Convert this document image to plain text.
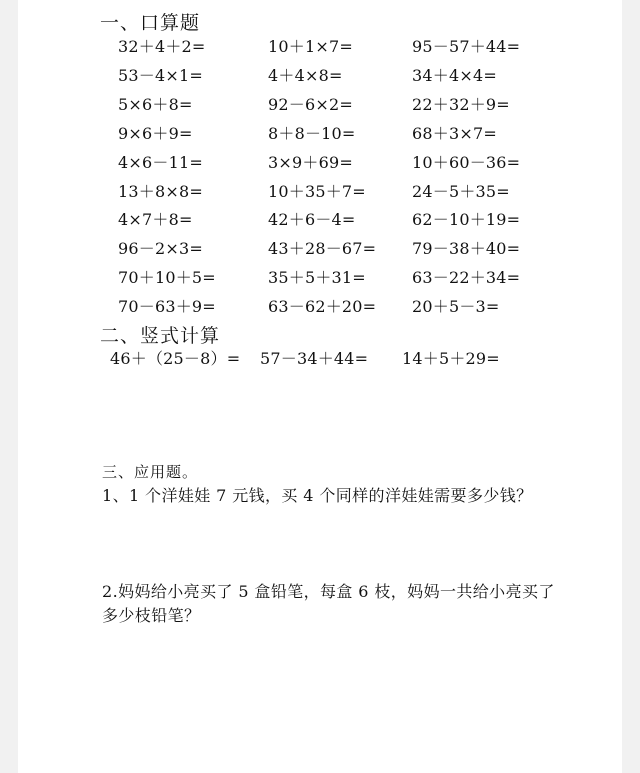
一、口算题
32＋4＋2=	10＋1×7=	95－57＋44=
53－4×1=	4＋4×8=	34＋4×4=
5×6＋8=	92－6×2=	22＋32＋9=
9×6＋9=	8＋8－10=	68＋3×7=
4×6－11=	3×9＋69=	10＋60－36=
13＋8×8=	10＋35＋7=	24－5＋35=
4×7＋8=	42＋6－4=	62－10＋19=
96－2×3=	43＋28－67= 79－38＋40=
70＋10＋5=	35＋5＋31=	63－22＋34=
70－63＋9=	63－62＋20= 20＋5－3=
二、竖式计算
46＋（25－8）= 57－34＋44= 14＋5＋29=
三、应用题。
1、1 个洋娃娃 7 元钱，买 4 个同样的洋娃娃需要多少钱？
2.妈妈给小亮买了 5 盒铅笔，每盒 6 枝，妈妈一共给小亮买了
多少枝铅笔？
